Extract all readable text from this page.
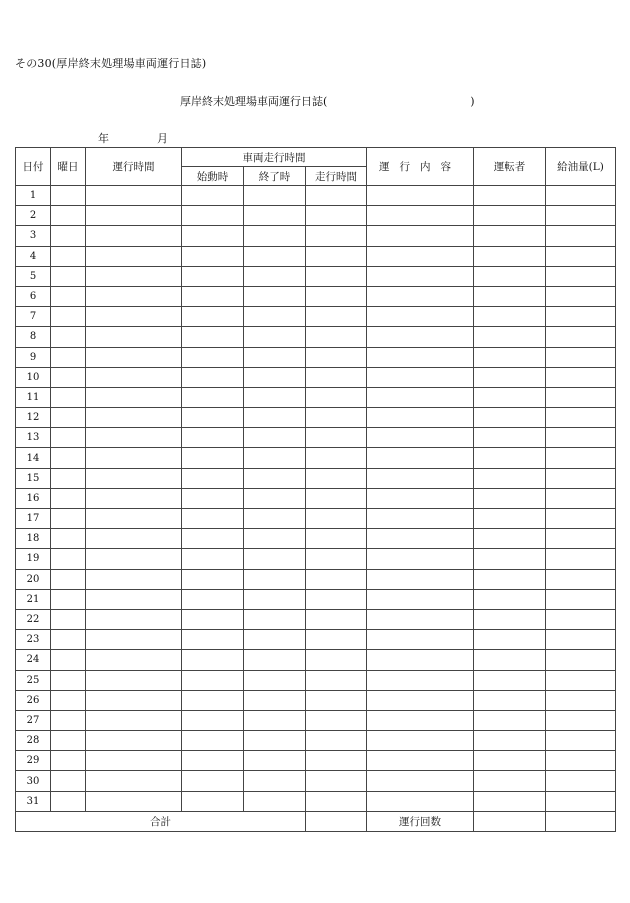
その30(厚岸終末処理場車両運行日誌)
厚岸終末処理場車両運行日誌(　　　　　　　　　　　　　)
年	月
日付	曜日	運行時間	車両走行時間			運行内容	運転者	給油量(L)
			始動時	終了時	走行時間			
1								
2								
3								
4								
5								
6								
7								
8								
9								
10								
11								
12								
13								
14								
15								
16								
17								
18								
19								
20								
21								
22								
23								
24								
25								
26								
27								
28								
29								
30								
31								
合計						運行回数		
